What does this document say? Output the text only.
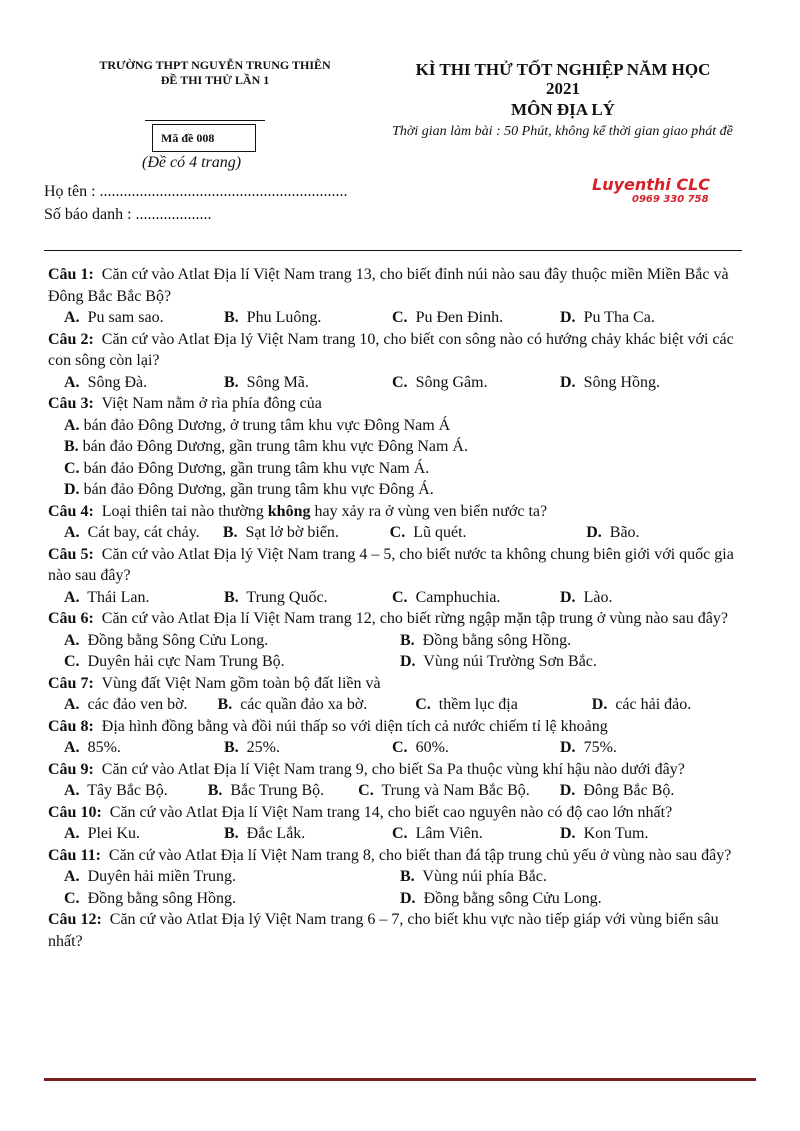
TRƯỜNG THPT NGUYỄN TRUNG THIÊN
ĐỀ THI THỬ LẦN 1
Mã đề 008
(Đề có 4 trang)
Họ tên : ..............................................................
Số báo danh : ...................
KÌ THI THỬ TỐT NGHIỆP NĂM HỌC
2021
MÔN ĐỊA LÝ
Thời gian làm bài : 50 Phút, không kể thời gian giao phát đề
Luyenthi CLC
0969 330 758
Câu 1: Căn cứ vào Atlat Địa lí Việt Nam trang 13, cho biết đỉnh núi nào sau đây thuộc miền Miền Bắc và Đông Bắc Bắc Bộ?
A. Pu sam sao.	B. Phu Luông.	C. Pu Đen Đinh.	D. Pu Tha Ca.
Câu 2: Căn cứ vào Atlat Địa lý Việt Nam trang 10, cho biết con sông nào có hướng chảy khác biệt với các con sông còn lại?
A. Sông Đà.	B. Sông Mã.	C. Sông Gâm.	D. Sông Hồng.
Câu 3: Việt Nam nằm ở rìa phía đông của
A. bán đảo Đông Dương, ở trung tâm khu vực Đông Nam Á
B. bán đảo Đông Dương, gần trung tâm khu vực Đông Nam Á.
C. bán đảo Đông Dương, gần trung tâm khu vực Nam Á.
D. bán đảo Đông Dương, gần trung tâm khu vực Đông Á.
Câu 4: Loại thiên tai nào thường không hay xảy ra ở vùng ven biển nước ta?
A. Cát bay, cát chảy.	B. Sạt lở bờ biển.	C. Lũ quét.	D. Bão.
Câu 5: Căn cứ vào Atlat Địa lý Việt Nam trang 4 – 5, cho biết nước ta không chung biên giới với quốc gia nào sau đây?
A. Thái Lan.	B. Trung Quốc.	C. Camphuchia.	D. Lào.
Câu 6: Căn cứ vào Atlat Địa lí Việt Nam trang 12, cho biết rừng ngập mặn tập trung ở vùng nào sau đây?
A. Đồng bằng Sông Cửu Long.	B. Đồng bằng sông Hồng.
C. Duyên hải cực Nam Trung Bộ.	D. Vùng núi Trường Sơn Bắc.
Câu 7: Vùng đất Việt Nam gồm toàn bộ đất liền và
A. các đảo ven bờ.	B. các quần đảo xa bờ.	C. thềm lục địa	D. các hải đảo.
Câu 8: Địa hình đồng bằng và đồi núi thấp so với diện tích cả nước chiếm tỉ lệ khoảng
A. 85%.	B. 25%.	C. 60%.	D. 75%.
Câu 9: Căn cứ vào Atlat Địa lí Việt Nam trang 9, cho biết Sa Pa thuộc vùng khí hậu nào dưới đây?
A. Tây Bắc Bộ.	B. Bắc Trung Bộ. C. Trung và Nam Bắc Bộ. D. Đông Bắc Bộ.
Câu 10: Căn cứ vào Atlat Địa lí Việt Nam trang 14, cho biết cao nguyên nào có độ cao lớn nhất?
A. Plei Ku.	B. Đắc Lắk.	C. Lâm Viên.	D. Kon Tum.
Câu 11: Căn cứ vào Atlat Địa lí Việt Nam trang 8, cho biết than đá tập trung chủ yếu ở vùng nào sau đây?
A. Duyên hải miền Trung.	B. Vùng núi phía Bắc.
C. Đồng bằng sông Hồng.	D. Đồng bằng sông Cửu Long.
Câu 12: Căn cứ vào Atlat Địa lý Việt Nam trang 6 – 7, cho biết khu vực nào tiếp giáp với vùng biển sâu nhất?
